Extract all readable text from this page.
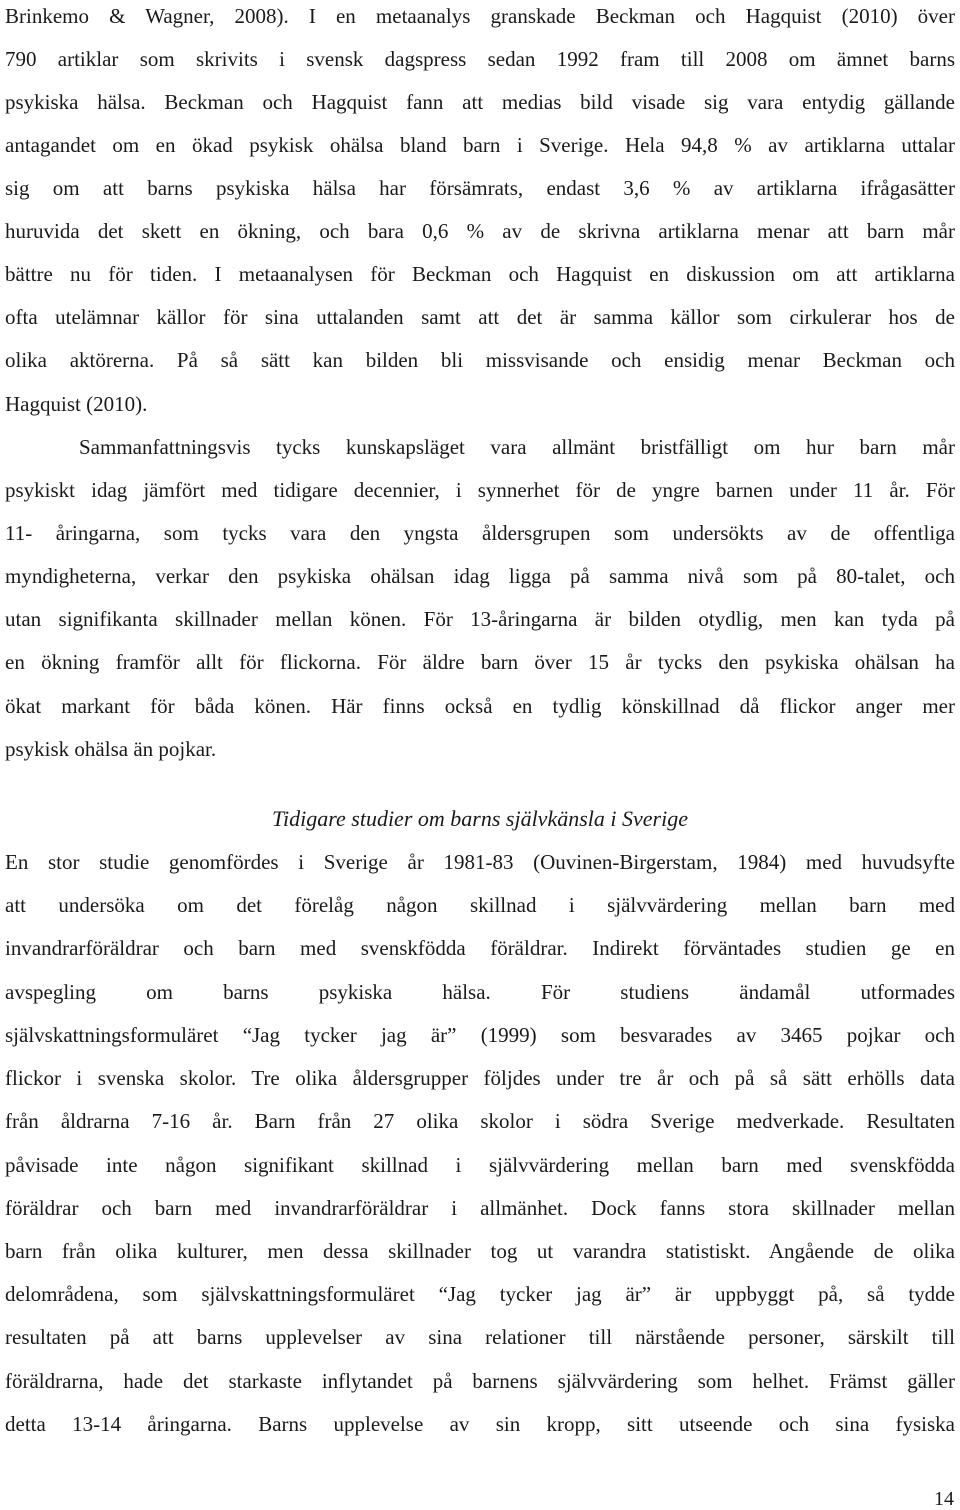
Brinkemo & Wagner, 2008). I en metaanalys granskade Beckman och Hagquist (2010) över
790 artiklar som skrivits i svensk dagspress sedan 1992 fram till 2008 om ämnet barns
psykiska hälsa. Beckman och Hagquist fann att medias bild visade sig vara entydig gällande
antagandet om en ökad psykisk ohälsa bland barn i Sverige. Hela 94,8 % av artiklarna uttalar
sig om att barns psykiska hälsa har försämrats, endast 3,6 % av artiklarna ifrågasätter
huruvida det skett en ökning, och bara 0,6 % av de skrivna artiklarna menar att barn mår
bättre nu för tiden. I metaanalysen för Beckman och Hagquist en diskussion om att artiklarna
ofta utelämnar källor för sina uttalanden samt att det är samma källor som cirkulerar hos de
olika aktörerna. På så sätt kan bilden bli missvisande och ensidig menar Beckman och
Hagquist (2010).
Sammanfattningsvis tycks kunskapsläget vara allmänt bristfälligt om hur barn mår
psykiskt idag jämfört med tidigare decennier, i synnerhet för de yngre barnen under 11 år. För
11- åringarna, som tycks vara den yngsta åldersgrupen som undersökts av de offentliga
myndigheterna, verkar den psykiska ohälsan idag ligga på samma nivå som på 80-talet, och
utan signifikanta skillnader mellan könen. För 13-åringarna är bilden otydlig, men kan tyda på
en ökning framför allt för flickorna. För äldre barn över 15 år tycks den psykiska ohälsan ha
ökat markant för båda könen. Här finns också en tydlig könskillnad då flickor anger mer
psykisk ohälsa än pojkar.
En stor studie genomfördes i Sverige år 1981-83 (Ouvinen-Birgerstam, 1984) med huvudsyfte
att undersöka om det förelåg någon skillnad i självvärdering mellan barn med
invandrarföräldrar och barn med svenskfödda föräldrar. Indirekt förväntades studien ge en
avspegling om barns psykiska hälsa. För studiens ändamål utformades
självskattningsformuläret “Jag tycker jag är” (1999) som besvarades av 3465 pojkar och
flickor i svenska skolor. Tre olika åldersgrupper följdes under tre år och på så sätt erhölls data
från åldrarna 7-16 år. Barn från 27 olika skolor i södra Sverige medverkade. Resultaten
påvisade inte någon signifikant skillnad i självvärdering mellan barn med svenskfödda
föräldrar och barn med invandrarföräldrar i allmänhet. Dock fanns stora skillnader mellan
barn från olika kulturer, men dessa skillnader tog ut varandra statistiskt. Angående de olika
delområdena, som självskattningsformuläret “Jag tycker jag är” är uppbyggt på, så tydde
resultaten på att barns upplevelser av sina relationer till närstående personer, särskilt till
föräldrarna, hade det starkaste inflytandet på barnens självvärdering som helhet. Främst gäller
detta 13-14 åringarna. Barns upplevelse av sin kropp, sitt utseende och sina fysiska
Tidigare studier om barns självkänsla i Sverige
14
